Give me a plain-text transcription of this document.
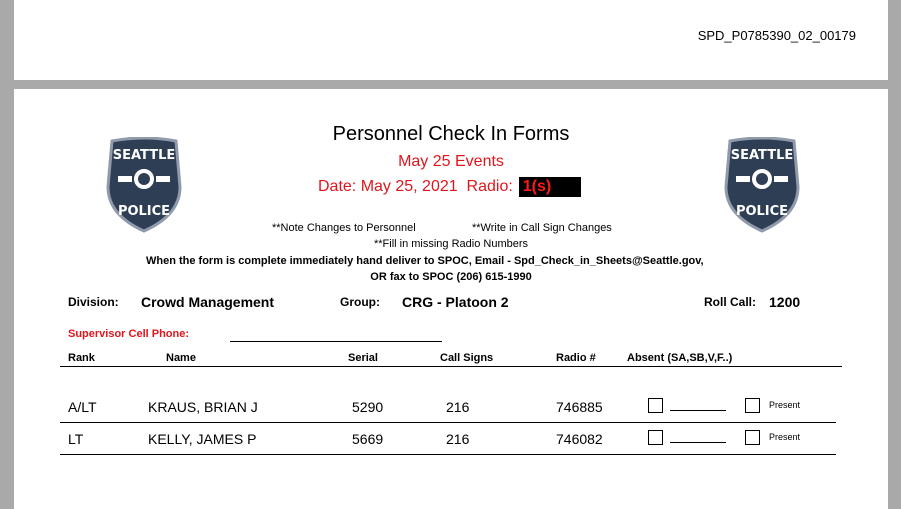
SPD_P0785390_02_00179
SEATTLE
POLICE
SEATTLE
POLICE
Personnel Check In Forms
May 25 Events
Date: May 25, 2021 Radio: 1(s)
**Note Changes to Personnel	**Write in Call Sign Changes
**Fill in missing Radio Numbers
When the form is complete immediately hand deliver to SPOC, Email - Spd_Check_in_Sheets@Seattle.gov,
OR fax to SPOC (206) 615-1990
Division: Crowd Management	Group: CRG - Platoon 2	Roll Call: 1200
Supervisor Cell Phone:
Rank	Name	Serial	Call Signs	Radio #	Absent (SA,SB,V,F..)
A/LT	KRAUS, BRIAN J	5290	216	746885	Present
LT	KELLY, JAMES P	5669	216	746082	Present
